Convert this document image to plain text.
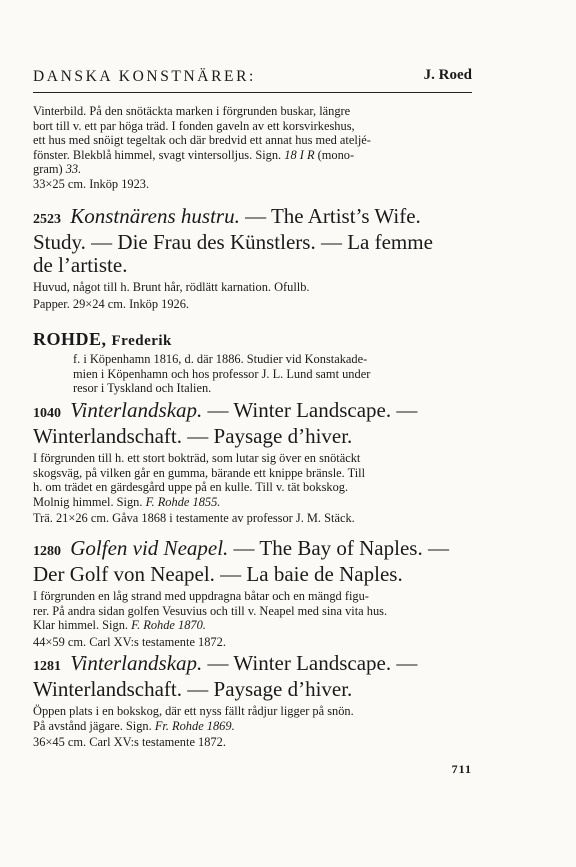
DANSKA KONSTNÄRER:	J. Roed
Vinterbild. På den snötäckta marken i förgrunden buskar, längre
bort till v. ett par höga träd. I fonden gaveln av ett korsvirkeshus,
ett hus med snöigt tegeltak och där bredvid ett annat hus med ateljé-
fönster. Blekblå himmel, svagt vintersolljus. Sign. 18 I R (mono-
gram) 33.
33×25 cm. Inköp 1923.
2523 Konstnärens hustru. — The Artist’s Wife.
Study. — Die Frau des Künstlers. — La femme
de l’artiste.
Huvud, något till h. Brunt hår, rödlätt karnation. Ofullb.
Papper. 29×24 cm. Inköp 1926.
ROHDE, Frederik
f. i Köpenhamn 1816, d. där 1886. Studier vid Konstakade-
mien i Köpenhamn och hos professor J. L. Lund samt under
resor i Tyskland och Italien.
1040 Vinterlandskap. — Winter Landscape. —
Winterlandschaft. — Paysage d’hiver.
I förgrunden till h. ett stort bokträd, som lutar sig över en snötäckt
skogsväg, på vilken går en gumma, bärande ett knippe bränsle. Till
h. om trädet en gärdesgård uppe på en kulle. Till v. tät bokskog.
Molnig himmel. Sign. F. Rohde 1855.
Trä. 21×26 cm. Gåva 1868 i testamente av professor J. M. Stäck.
1280 Golfen vid Neapel. — The Bay of Naples. —
Der Golf von Neapel. — La baie de Naples.
I förgrunden en låg strand med uppdragna båtar och en mängd figu-
rer. På andra sidan golfen Vesuvius och till v. Neapel med sina vita hus.
Klar himmel. Sign. F. Rohde 1870.
44×59 cm. Carl XV:s testamente 1872.
1281 Vinterlandskap. — Winter Landscape. —
Winterlandschaft. — Paysage d’hiver.
Öppen plats i en bokskog, där ett nyss fällt rådjur ligger på snön.
På avstånd jägare. Sign. Fr. Rohde 1869.
36×45 cm. Carl XV:s testamente 1872.
711
